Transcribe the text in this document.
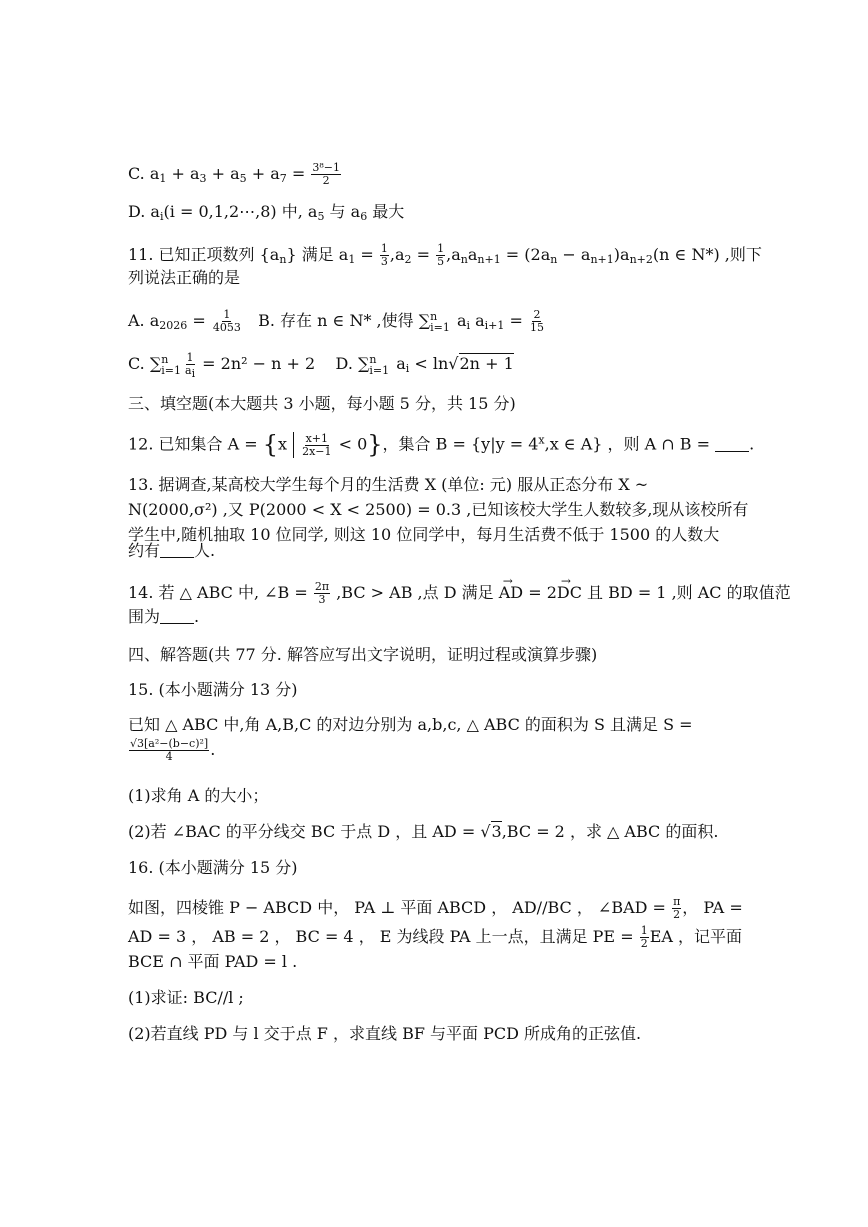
C. $a_1 + a_3 + a_5 + a_7 = \frac{\text{3⁸−1}}{2}$
D. $a_i(i$ = 0,1,2⋯,8) 中, $a_5$ 与 $a_6$ 最大
11. 已知正项数列 $\{a_n\}$ 满足 $a_1 = \frac{1}{3} ,a_2 = \frac{1}{5} ,a_na_{n+1} = (2a_n - a_{n+1})a_{n+2}(n$ ∈ N*) ,则下
列说法正确的是
A. $a_{2026} = \frac{1}{4053} B$. 存在 n ∈ N* ,使得 ∑ n
i=1 $a_i$ $a_{i+1} = \frac{2}{15}$
C. ∑ n
$i=1 \frac{1}{a_i} = 2n^2 - n + 2$    D. ∑ n
i=1 $a_i < \ln√2n + 1$
三、填空题(本大题共 3 小题，每小题 5 分，共 15 分)
12. 已知集合 $A = \{x \frac{x+1}{2x-1} < 0\}$，集合 $B = \{y|y = 4^x,x$ ∈ A} ，则 A ∩ B = .
13. 据调查,某高校大学生每个月的生活费 X (单位: 元) 服从正态分布 X ~
N(2000,σ²) ,又 P(2000 < X < 2500) = 0.3 ,已知该校大学生人数较多,现从该校所有
学生中,随机抽取 10 位同学, 则这 10 位同学中，每月生活费不低于 1500 的人数大
约有 人.
14. 若 △ ABC 中, ∠B = $\frac{2\pi}{3} ,BC$ > AB ,点 D 满足 → AD = 2→ DC 且 BD = 1 ,则 AC 的取值范
围为 .
四、解答题(共 77 分. 解答应写出文字说明，证明过程或演算步骤)
15. (本小题满分 13 分)
已知 △ ABC 中,角 A,B,C 的对边分别为 a,b,c, △ ABC 的面积为 S 且满足 S =
$\frac{\text{√3[a²−(b−c)²]}}{4}$ .
(1)求角 A 的大小；
(2)若 ∠BAC 的平分线交 BC 于点 D ，且 AD = √3,BC = 2 ，求 △ ABC 的面积.
16. (本小题满分 15 分)
如图，四棱锥 P − ABCD 中， PA ⊥ 平面 ABCD ， AD//BC ， ∠BAD = $\frac{\pi}{2}$ ， PA =
AD = 3 ， AB = 2 ， BC = 4 ， E 为线段 PA 上一点，且满足 PE = $\frac{1}{2}$ EA ，记平面
BCE ∩ 平面 PAD = l .
(1)求证: BC//l ;
(2)若直线 PD 与 l 交于点 F ，求直线 BF 与平面 PCD 所成角的正弦值.
